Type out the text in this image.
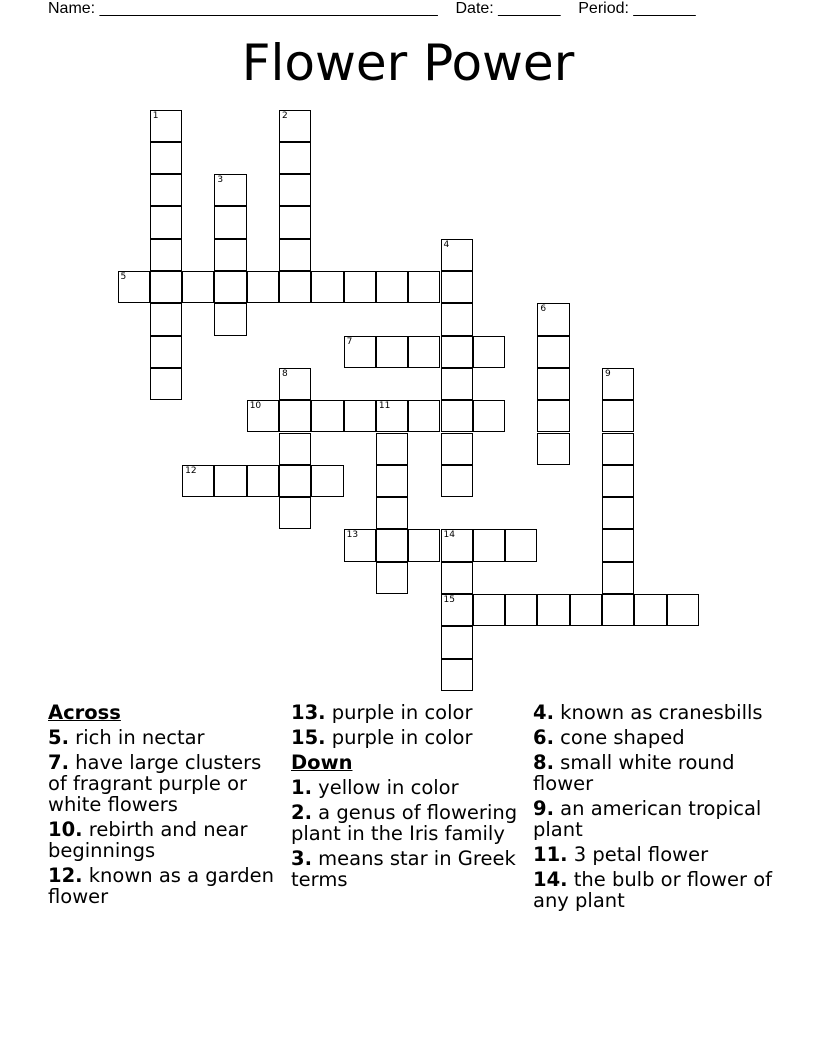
Name: ______________________________________    Date: _______    Period: _______
Flower Power
1	2
3
4
5
6
7
8	9
10	11
12
13	14
15
Across
5. rich in nectar
7. have large clusters of fragrant purple or white flowers
10. rebirth and near beginnings
12. known as a garden flower
13. purple in color
15. purple in color
Down
1. yellow in color
2. a genus of flowering plant in the Iris family
3. means star in Greek terms
4. known as cranesbills
6. cone shaped
8. small white round flower
9. an american tropical plant
11. 3 petal flower
14. the bulb or flower of any plant
